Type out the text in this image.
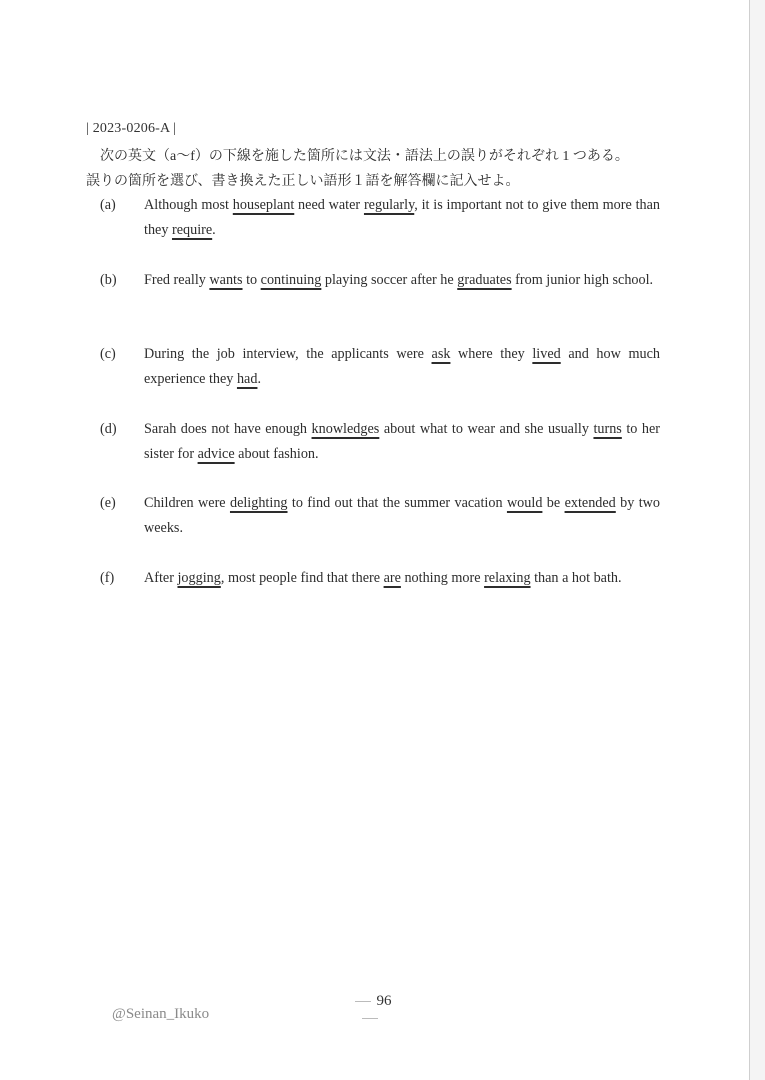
| 2023-0206-A |
次の英文（a〜f）の下線を施した箇所には文法・語法上の誤りがそれぞれ 1 つある。
誤りの箇所を選び、書き換えた正しい語形１語を解答欄に記入せよ。
(a)	Although most houseplant need water regularly, it is important not to give them more than they require.
(b)	Fred really wants to continuing playing soccer after he graduates from junior high school.
(c)	During the job interview, the applicants were ask where they lived and how much experience they had.
(d)	Sarah does not have enough knowledges about what to wear and she usually turns to her sister for advice about fashion.
(e)	Children were delighting to find out that the summer vacation would be extended by two weeks.
(f)	After jogging, most people find that there are nothing more relaxing than a hot bath.
96
@Seinan_Ikuko
